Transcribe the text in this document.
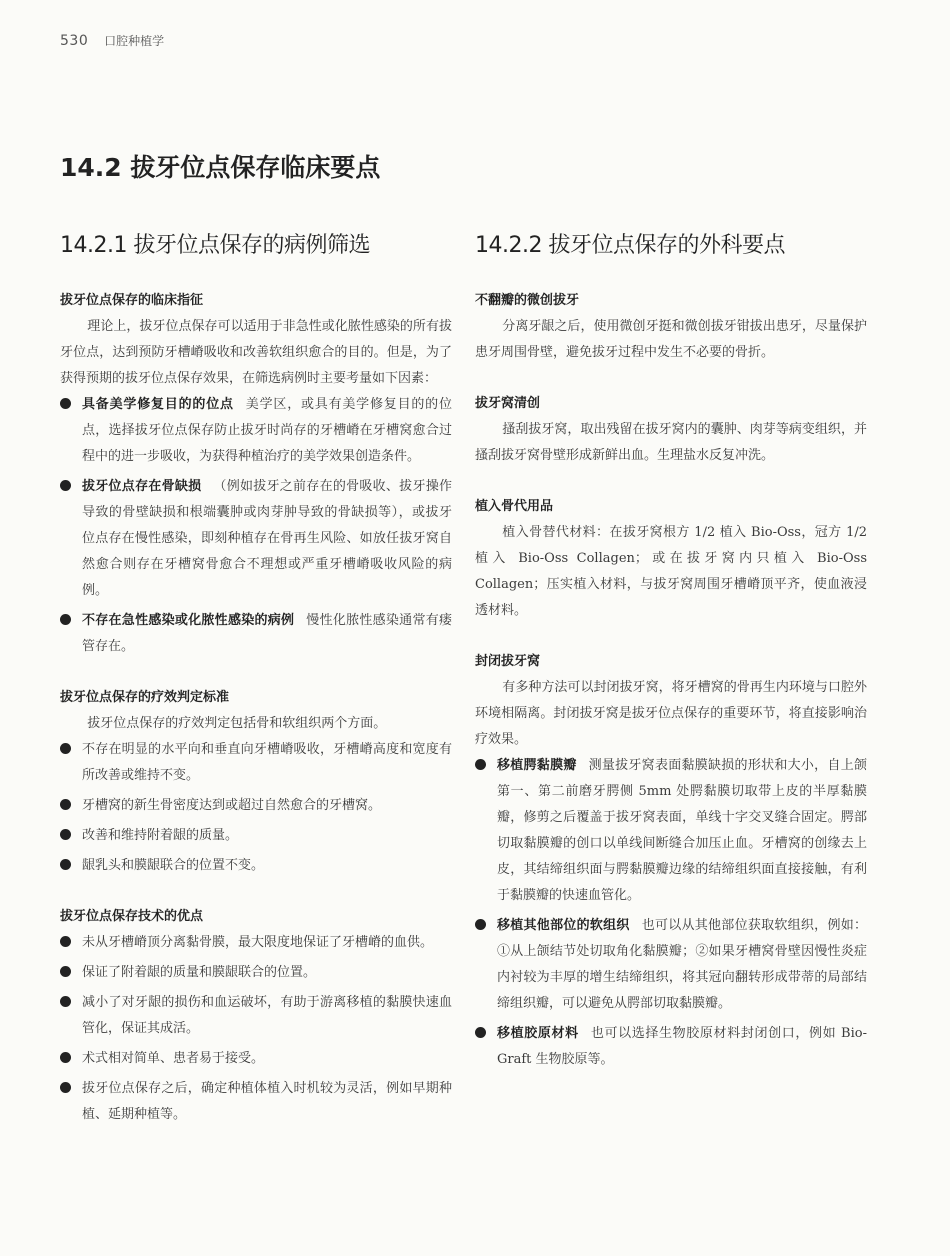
530 口腔种植学
14.2 拔牙位点保存临床要点
14.2.1 拔牙位点保存的病例筛选
拔牙位点保存的临床指征

理论上，拔牙位点保存可以适用于非急性或化脓性感染的所有拔牙位点，达到预防牙槽嵴吸收和改善软组织愈合的目的。但是，为了获得预期的拔牙位点保存效果，在筛选病例时主要考量如下因素：

具备美学修复目的的位点 美学区，或具有美学修复目的的位点，选择拔牙位点保存防止拔牙时尚存的牙槽嵴在牙槽窝愈合过程中的进一步吸收，为获得种植治疗的美学效果创造条件。
拔牙位点存在骨缺损 （例如拔牙之前存在的骨吸收、拔牙操作导致的骨壁缺损和根端囊肿或肉芽肿导致的骨缺损等），或拔牙位点存在慢性感染，即刻种植存在骨再生风险、如放任拔牙窝自然愈合则存在牙槽窝骨愈合不理想或严重牙槽嵴吸收风险的病例。
不存在急性感染或化脓性感染的病例 慢性化脓性感染通常有瘘管存在。
拔牙位点保存的疗效判定标准

拔牙位点保存的疗效判定包括骨和软组织两个方面。

不存在明显的水平向和垂直向牙槽嵴吸收，牙槽嵴高度和宽度有所改善或维持不变。
牙槽窝的新生骨密度达到或超过自然愈合的牙槽窝。
改善和维持附着龈的质量。
龈乳头和膜龈联合的位置不变。
拔牙位点保存技术的优点
未从牙槽嵴顶分离黏骨膜，最大限度地保证了牙槽嵴的血供。
保证了附着龈的质量和膜龈联合的位置。
减小了对牙龈的损伤和血运破坏，有助于游离移植的黏膜快速血管化，保证其成活。
术式相对简单、患者易于接受。
拔牙位点保存之后，确定种植体植入时机较为灵活，例如早期种植、延期种植等。
14.2.2 拔牙位点保存的外科要点
不翻瓣的微创拔牙

分离牙龈之后，使用微创牙挺和微创拔牙钳拔出患牙，尽量保护患牙周围骨壁，避免拔牙过程中发生不必要的骨折。

拔牙窝清创

搔刮拔牙窝，取出残留在拔牙窝内的囊肿、肉芽等病变组织，并搔刮拔牙窝骨壁形成新鲜出血。生理盐水反复冲洗。

植入骨代用品

植入骨替代材料：在拔牙窝根方 1/2 植入 Bio-Oss，冠方 1/2 植入 Bio-Oss Collagen；或在拔牙窝内只植入 Bio-Oss Collagen；压实植入材料，与拔牙窝周围牙槽嵴顶平齐，使血液浸透材料。

封闭拔牙窝

有多种方法可以封闭拔牙窝，将牙槽窝的骨再生内环境与口腔外环境相隔离。封闭拔牙窝是拔牙位点保存的重要环节，将直接影响治疗效果。

移植腭黏膜瓣 测量拔牙窝表面黏膜缺损的形状和大小，自上颌第一、第二前磨牙腭侧 5mm 处腭黏膜切取带上皮的半厚黏膜瓣，修剪之后覆盖于拔牙窝表面，单线十字交叉缝合固定。腭部切取黏膜瓣的创口以单线间断缝合加压止血。牙槽窝的创缘去上皮，其结缔组织面与腭黏膜瓣边缘的结缔组织面直接接触，有利于黏膜瓣的快速血管化。
移植其他部位的软组织 也可以从其他部位获取软组织，例如：①从上颌结节处切取角化黏膜瓣；②如果牙槽窝骨壁因慢性炎症内衬较为丰厚的增生结缔组织，将其冠向翻转形成带蒂的局部结缔组织瓣，可以避免从腭部切取黏膜瓣。
移植胶原材料 也可以选择生物胶原材料封闭创口，例如 Bio-Graft 生物胶原等。
